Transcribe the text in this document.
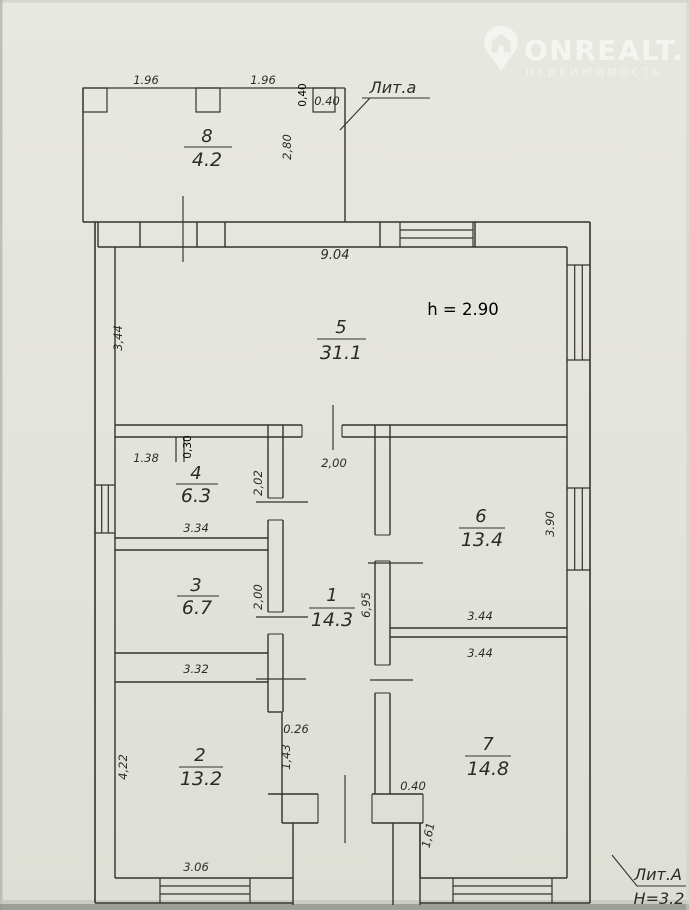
ONREALT.
НЕДВИЖИМОСТЬ
1.96	1.96
0,40 0.40
Лит.а
8
4.2
2,80
9.04
h = 2.90
5
31.1
3,44
1.38 0,30
4
6.3
2,02
3.34
2,00
3
6.7	2,00
3.32
1
14.3
6,95
6
13.4
3.90
3.44
3.44
0.26
1,43
4,22	2
13.2
3.06
7
14.8
0.40
1,61
Лит.А
Н=3.2
